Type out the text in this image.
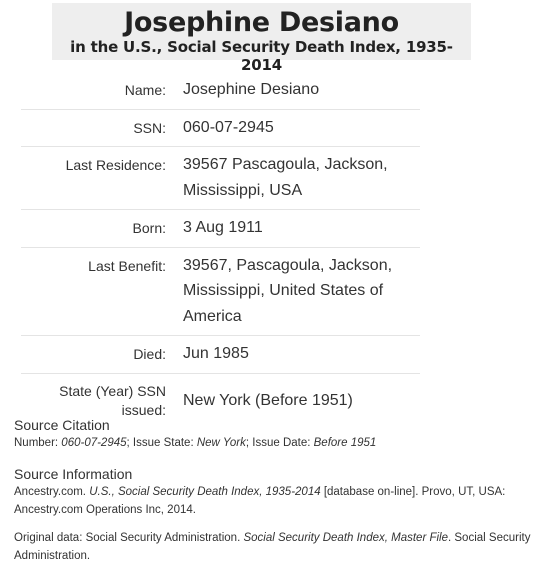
Josephine Desiano
in the U.S., Social Security Death Index, 1935-2014
Name:	Josephine Desiano
SSN:	060-07-2945
Last Residence:	39567 Pascagoula, Jackson, Mississippi, USA
Born:	3 Aug 1911
Last Benefit:	39567, Pascagoula, Jackson, Mississippi, United States of America
Died:	Jun 1985
State (Year) SSN issued:	New York (Before 1951)
Source Citation
Number: 060-07-2945; Issue State: New York; Issue Date: Before 1951
Source Information
Ancestry.com. U.S., Social Security Death Index, 1935-2014 [database on-line]. Provo, UT, USA: Ancestry.com Operations Inc, 2014.
Original data: Social Security Administration. Social Security Death Index, Master File. Social Security Administration.
